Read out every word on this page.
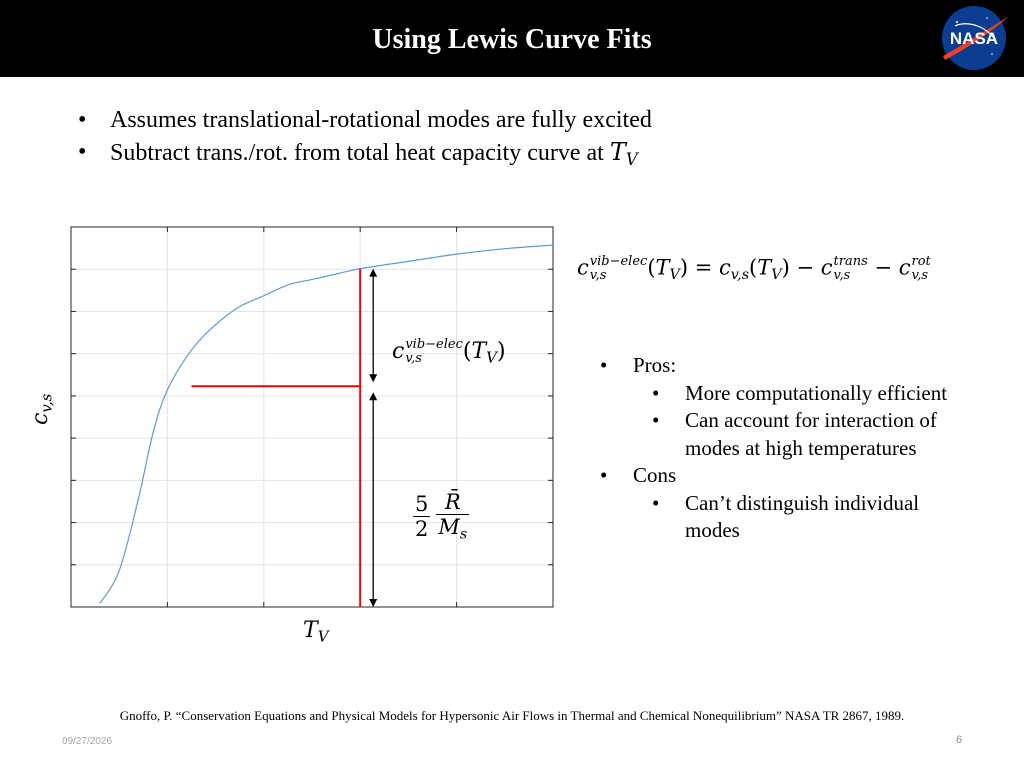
Using Lewis Curve Fits	NASA
• Assumes translational-rotational modes are fully excited
• Subtract trans./rot. from total heat capacity curve at $T_V$
$c_{v,s}$
$T_V$
c vib−elec
v,s	$(T_V) = c_{v,s}(T_V) - c$ trans
v,s	− c rot
v,s
c vib−elec
v,s	$(T_V)$
$\frac{5}{2} \frac{R̄}{M_s}$
• Pros:
• More computationally efficient
• Can account for interaction of
modes at high temperatures
• Cons
• Can’t distinguish individual
modes
Gnoffo, P. “Conservation Equations and Physical Models for Hypersonic Air Flows in Thermal and Chemical Nonequilibrium” NASA TR 2867, 1989.
09/27/2026	6
